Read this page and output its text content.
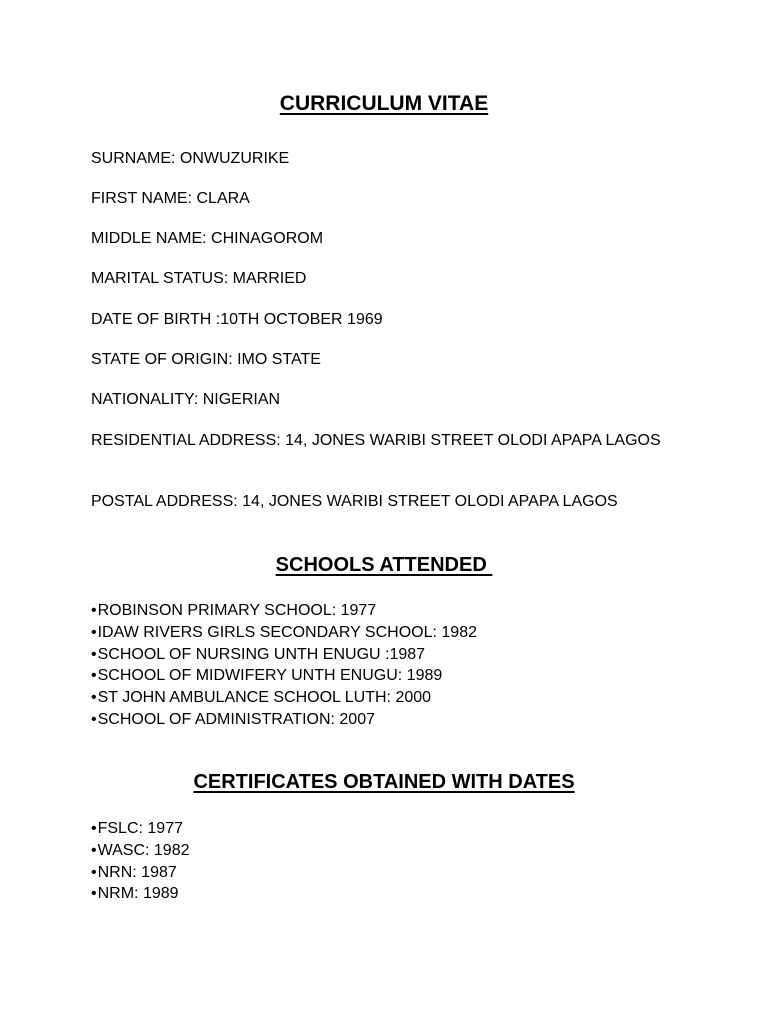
CURRICULUM VITAE
SURNAME: ONWUZURIKE
FIRST NAME: CLARA
MIDDLE NAME: CHINAGOROM
MARITAL STATUS: MARRIED
DATE OF BIRTH :10TH OCTOBER 1969
STATE OF ORIGIN: IMO STATE
NATIONALITY: NIGERIAN
RESIDENTIAL ADDRESS: 14, JONES WARIBI STREET OLODI APAPA LAGOS
POSTAL ADDRESS: 14, JONES WARIBI STREET OLODI APAPA LAGOS
SCHOOLS ATTENDED
• ROBINSON PRIMARY SCHOOL: 1977
• IDAW RIVERS GIRLS SECONDARY SCHOOL: 1982
• SCHOOL OF NURSING UNTH ENUGU :1987
• SCHOOL OF MIDWIFERY UNTH ENUGU: 1989
• ST JOHN AMBULANCE SCHOOL LUTH: 2000
• SCHOOL OF ADMINISTRATION: 2007
CERTIFICATES OBTAINED WITH DATES
• FSLC: 1977
• WASC: 1982
• NRN: 1987
• NRM: 1989
